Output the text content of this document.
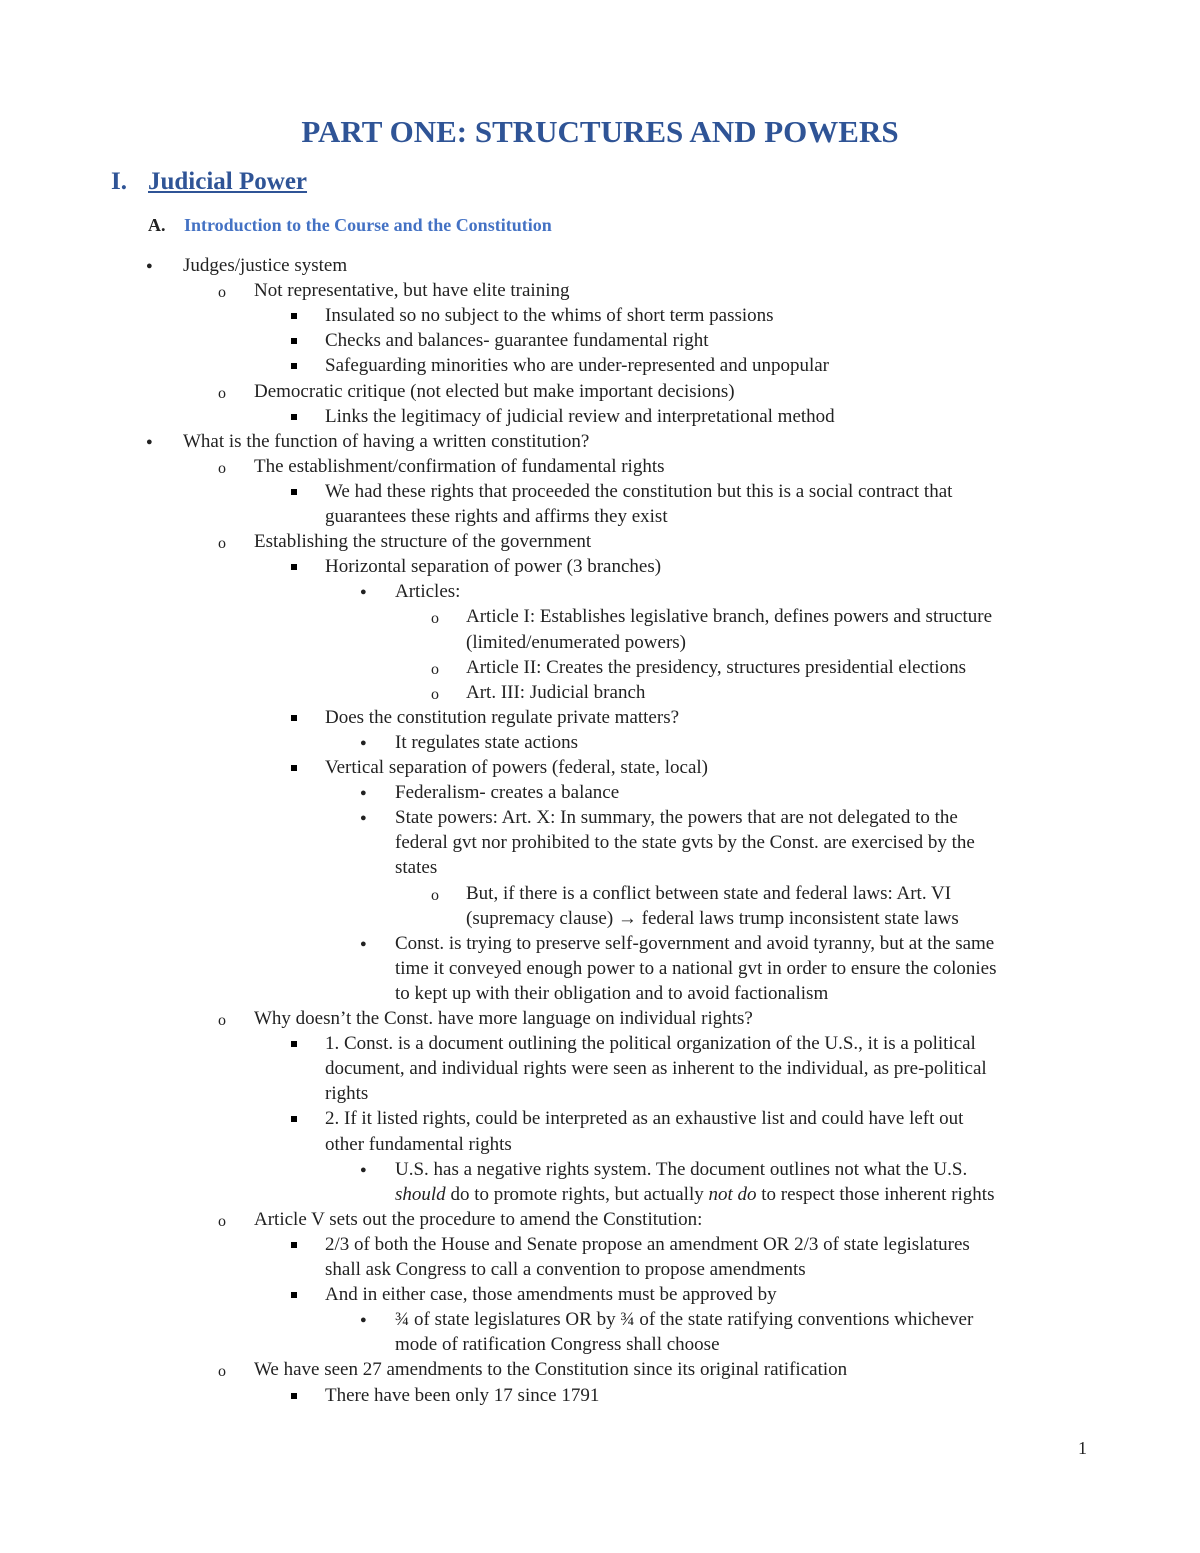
PART ONE: STRUCTURES AND POWERS
I. Judicial Power
A. Introduction to the Course and the Constitution
● Judges/justice system
o Not representative, but have elite training
Insulated so no subject to the whims of short term passions
Checks and balances- guarantee fundamental right
Safeguarding minorities who are under-represented and unpopular
o Democratic critique (not elected but make important decisions)
Links the legitimacy of judicial review and interpretational method
● What is the function of having a written constitution?
o The establishment/confirmation of fundamental rights
We had these rights that proceeded the constitution but this is a social contract that
guarantees these rights and affirms they exist
o Establishing the structure of the government
Horizontal separation of power (3 branches)
● Articles:
o Article I: Establishes legislative branch, defines powers and structure
(limited/enumerated powers)
o Article II: Creates the presidency, structures presidential elections
o Art. III: Judicial branch
Does the constitution regulate private matters?
● It regulates state actions
Vertical separation of powers (federal, state, local)
● Federalism- creates a balance
● State powers: Art. X: In summary, the powers that are not delegated to the
federal gvt nor prohibited to the state gvts by the Const. are exercised by the
states
o But, if there is a conflict between state and federal laws: Art. VI
(supremacy clause) → federal laws trump inconsistent state laws
● Const. is trying to preserve self-government and avoid tyranny, but at the same
time it conveyed enough power to a national gvt in order to ensure the colonies
to kept up with their obligation and to avoid factionalism
o Why doesn’t the Const. have more language on individual rights?
1. Const. is a document outlining the political organization of the U.S., it is a political
document, and individual rights were seen as inherent to the individual, as pre-political
rights
2. If it listed rights, could be interpreted as an exhaustive list and could have left out
other fundamental rights
● U.S. has a negative rights system. The document outlines not what the U.S.
should do to promote rights, but actually not do to respect those inherent rights
o Article V sets out the procedure to amend the Constitution:
2/3 of both the House and Senate propose an amendment OR 2/3 of state legislatures
shall ask Congress to call a convention to propose amendments
And in either case, those amendments must be approved by
● ¾ of state legislatures OR by ¾ of the state ratifying conventions whichever
mode of ratification Congress shall choose
o We have seen 27 amendments to the Constitution since its original ratification
There have been only 17 since 1791
1
